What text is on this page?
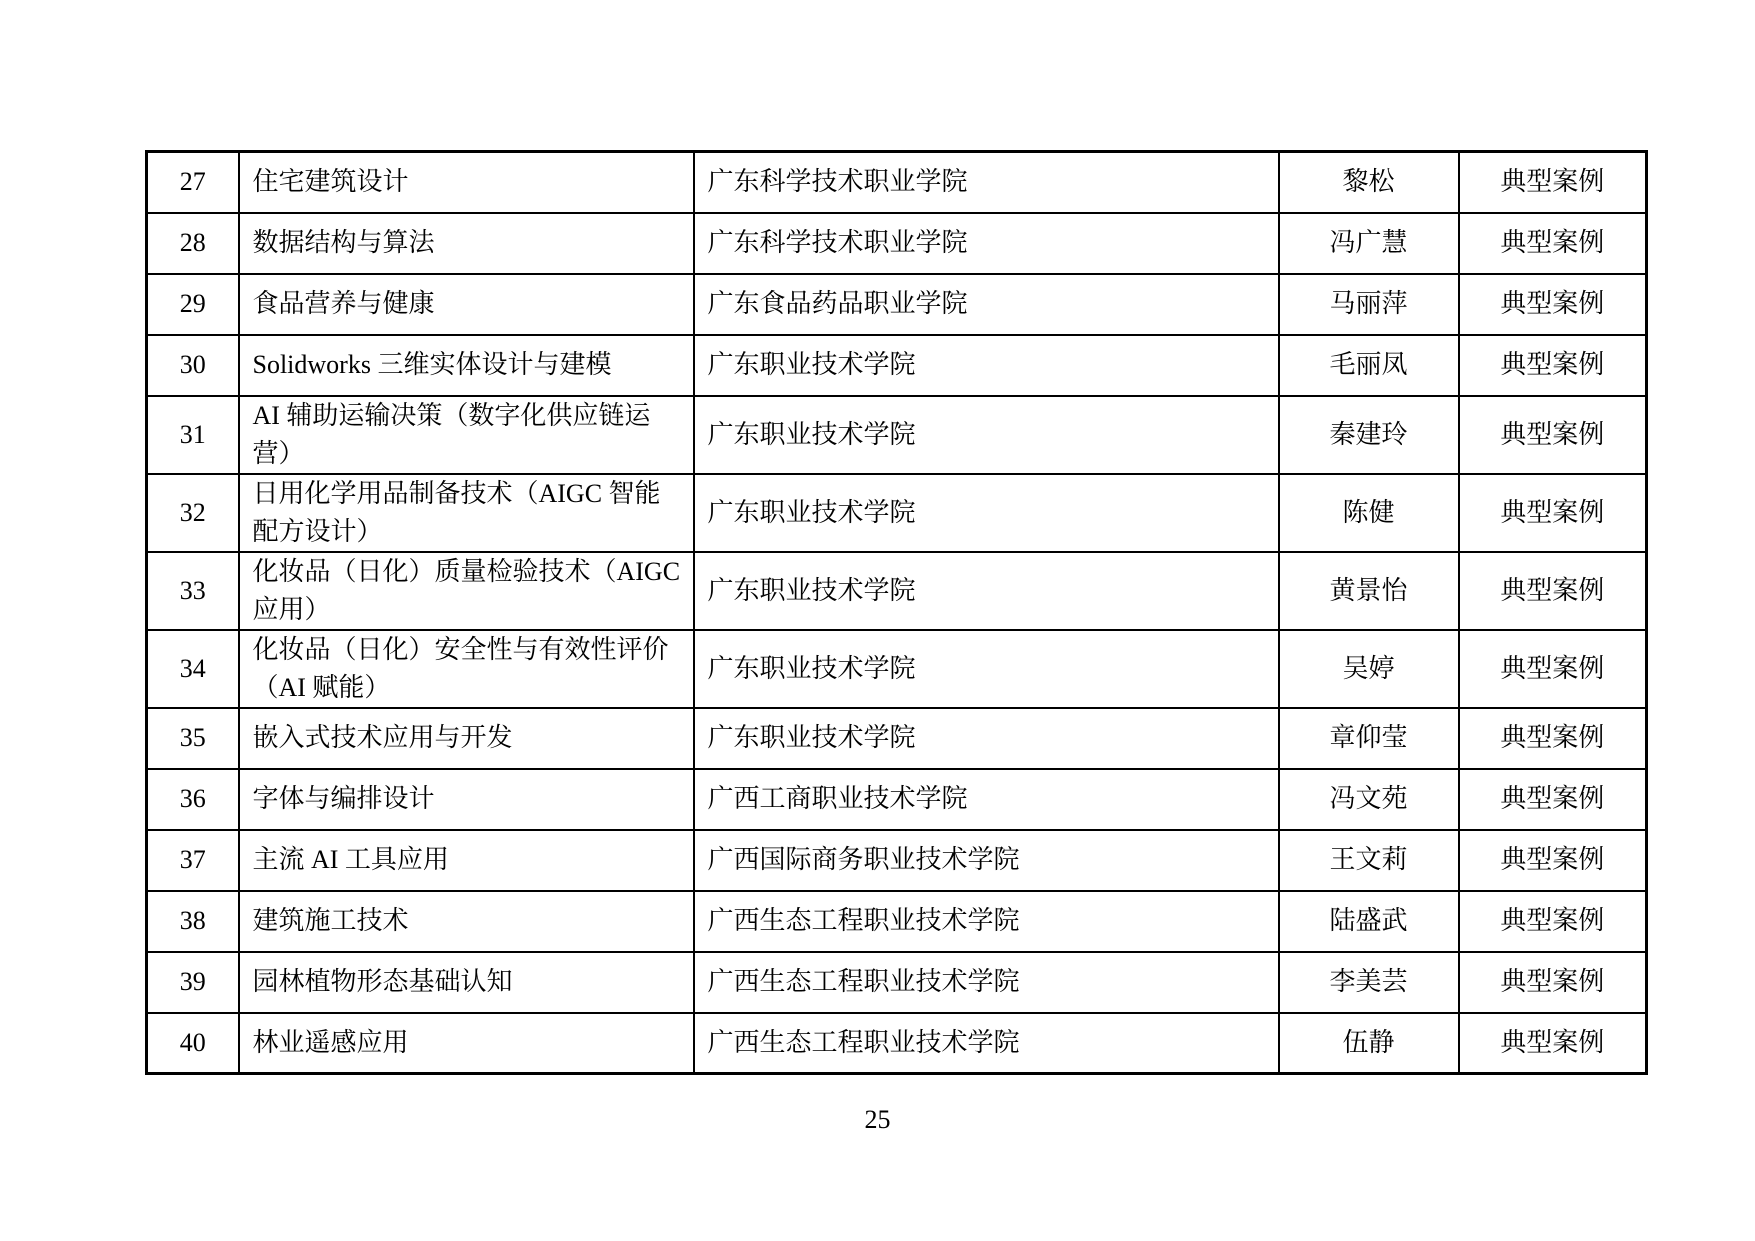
27	住宅建筑设计	广东科学技术职业学院	黎松	典型案例
28	数据结构与算法	广东科学技术职业学院	冯广慧	典型案例
29	食品营养与健康	广东食品药品职业学院	马丽萍	典型案例
30	Solidworks 三维实体设计与建模	广东职业技术学院	毛丽凤	典型案例
31	AI 辅助运输决策（数字化供应链运营）	广东职业技术学院	秦建玲	典型案例
32	日用化学用品制备技术（AIGC 智能配方设计）	广东职业技术学院	陈健	典型案例
33	化妆品（日化）质量检验技术（AIGC 应用）	广东职业技术学院	黄景怡	典型案例
34	化妆品（日化）安全性与有效性评价（AI 赋能）	广东职业技术学院	吴婷	典型案例
35	嵌入式技术应用与开发	广东职业技术学院	章仰莹	典型案例
36	字体与编排设计	广西工商职业技术学院	冯文苑	典型案例
37	主流 AI 工具应用	广西国际商务职业技术学院	王文莉	典型案例
38	建筑施工技术	广西生态工程职业技术学院	陆盛武	典型案例
39	园林植物形态基础认知	广西生态工程职业技术学院	李美芸	典型案例
40	林业遥感应用	广西生态工程职业技术学院	伍静	典型案例
25
